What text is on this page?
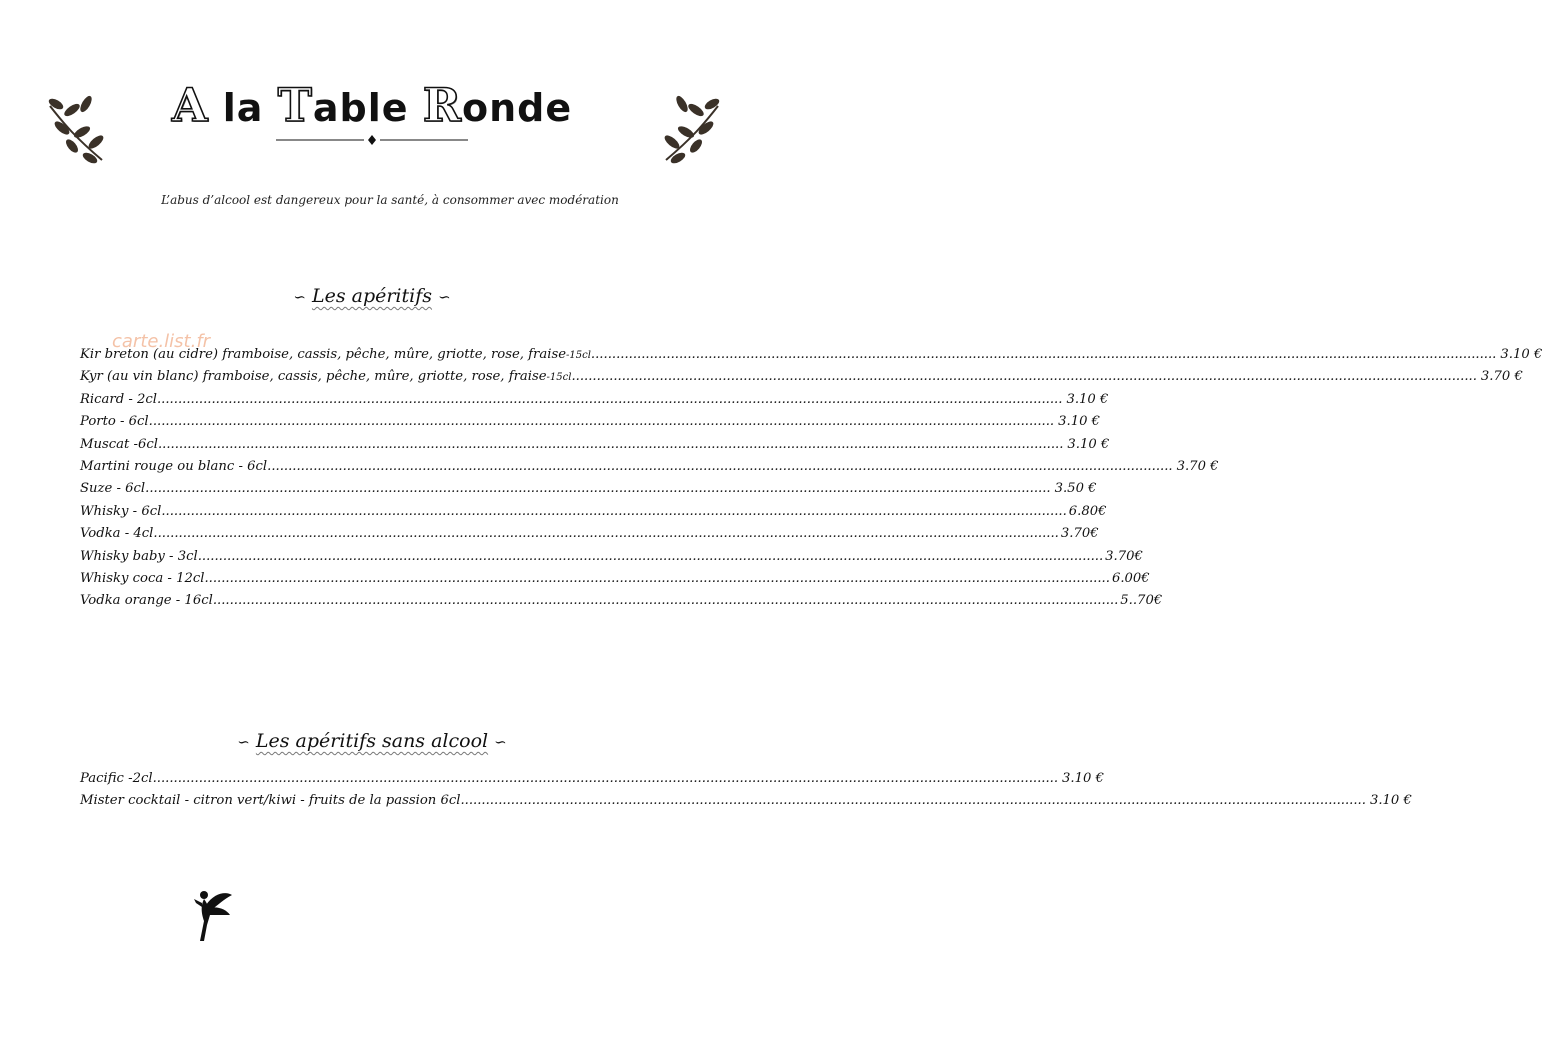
A la Table Ronde
L’abus d’alcool est dangereux pour la santé, à consommer avec modération
∽ Les apéritifs ∽
carte.list.fr
Kir breton (au cidre) framboise, cassis, pêche, mûre, griotte, rose, fraise -15cl .....	3.10 €
Kyr (au vin blanc) framboise, cassis, pêche, mûre, griotte, rose, fraise -15cl .....	3.70 €
Ricard - 2cl .....	3.10 €
Porto - 6cl .....	3.10 €
Muscat -6cl .....	3.10 €
Martini rouge ou blanc - 6cl .....	3.70 €
Suze - 6cl .....	3.50 €
Whisky - 6cl .....	6.80€
Vodka - 4cl .....	3.70€
Whisky baby - 3cl .....	3.70€
Whisky coca - 12cl .....	6.00€
Vodka orange - 16cl .....	5..70€
∽ Les apéritifs sans alcool ∽
Pacific -2cl .....	3.10 €
Mister cocktail - citron vert/kiwi - fruits de la passion 6cl .....	3.10 €
